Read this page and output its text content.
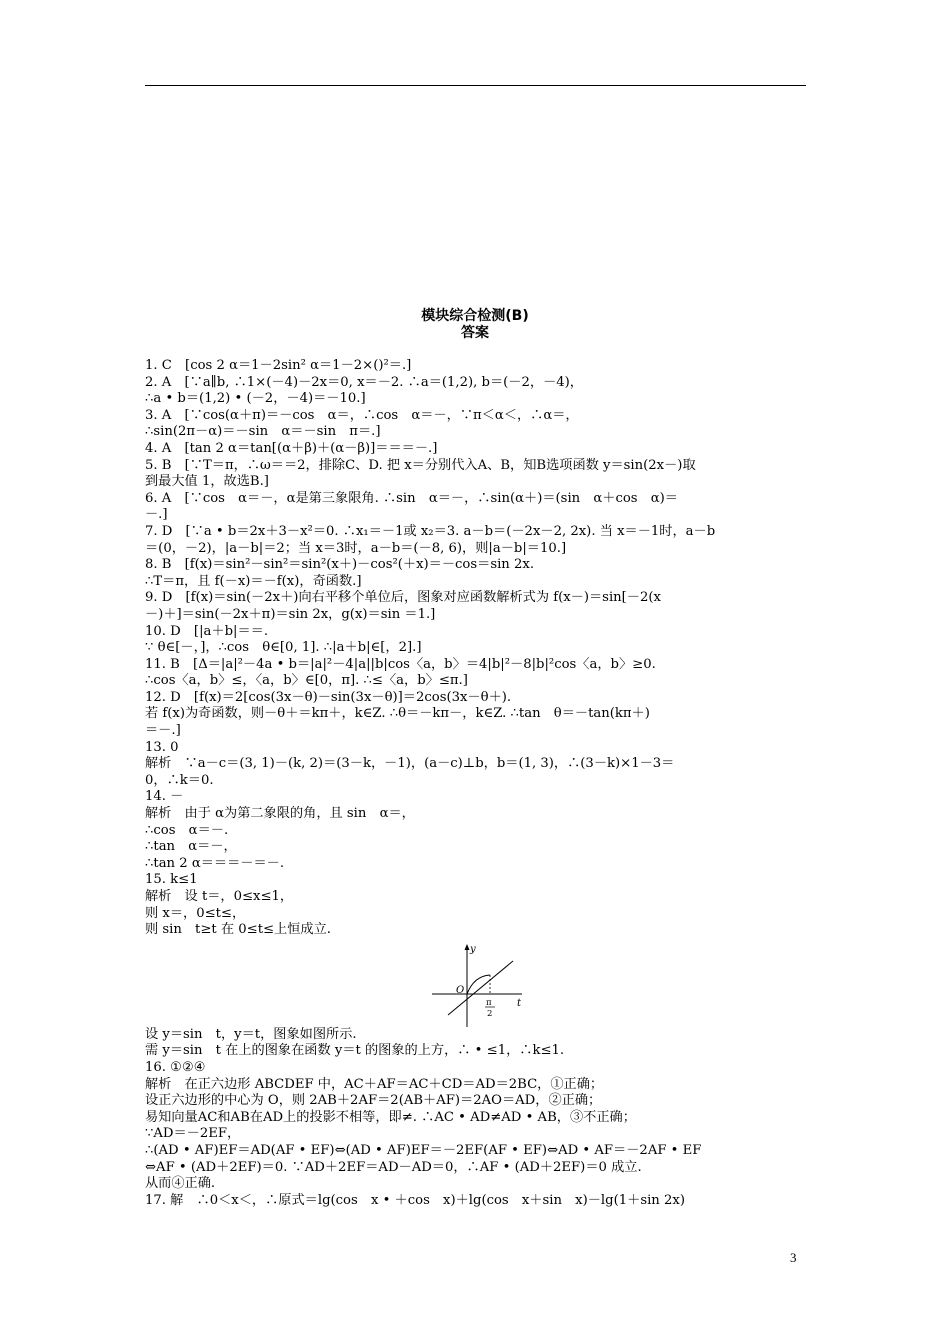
模块综合检测(B)
答案
1. C　[cos 2 α＝1－2sin² α＝1－2×()²＝.]
2. A　[∵a∥b, ∴1×(－4)－2x＝0, x＝－2. ∴a＝(1,2), b＝(－2，－4)，
∴a • b＝(1,2) • (－2，－4)＝－10.]
3. A　[∵cos(α＋π)＝－cos　α＝，∴cos　α＝－，∵π＜α＜，∴α＝，
∴sin(2π－α)＝－sin　α＝－sin　π＝.]
4. A　[tan 2 α＝tan[(α＋β)＋(α－β)]＝＝＝－.]
5. B　[∵T＝π，∴ω＝＝2，排除C、D. 把 x＝分别代入A、B，知B选项函数 y＝sin(2x－)取
到最大值 1，故选B.]
6. A　[∵cos　α＝－，α是第三象限角. ∴sin　α＝－，∴sin(α＋)＝(sin　α＋cos　α)＝
－.]
7. D　[∵a • b＝2x＋3－x²＝0. ∴x₁＝－1或 x₂＝3. a－b＝(－2x－2, 2x). 当 x＝－1时，a－b
＝(0，－2)，|a－b|＝2；当 x＝3时，a－b＝(－8, 6)，则|a－b|＝10.]
8. B　[f(x)＝sin²－sin²＝sin²(x＋)－cos²(＋x)＝－cos＝sin 2x.
∴T＝π，且 f(－x)＝－f(x)，奇函数.]
9. D　[f(x)＝sin(－2x＋)向右平移个单位后，图象对应函数解析式为 f(x－)＝sin[－2(x
－)＋]＝sin(－2x＋π)＝sin 2x，g(x)＝sin ＝1.]
10. D　[|a＋b|＝＝.
∵ θ∈[－，]，∴cos　θ∈[0, 1]. ∴|a＋b|∈[，2].]
11. B　[Δ＝|a|²－4a • b＝|a|²－4|a||b|cos〈a，b〉＝4|b|²－8|b|²cos〈a，b〉≥0.
∴cos〈a，b〉≤，〈a，b〉∈[0，π]. ∴≤〈a，b〉≤π.]
12. D　[f(x)＝2[cos(3x－θ)－sin(3x－θ)]＝2cos(3x－θ＋).
若 f(x)为奇函数，则－θ＋＝kπ＋，k∈Z. ∴θ＝－kπ－，k∈Z. ∴tan　θ＝－tan(kπ＋)
＝－.]
13. 0
解析　∵a－c＝(3, 1)－(k, 2)＝(3－k，－1)，(a－c)⊥b，b＝(1, 3)，∴(3－k)×1－3＝
0，∴k＝0.
14. －
解析　由于 α为第二象限的角，且 sin　α＝，
∴cos　α＝－.
∴tan　α＝－，
∴tan 2 α＝＝＝－＝－.
15. k≤1
解析　设 t＝，0≤x≤1，
则 x＝，0≤t≤，
则 sin　t≥t 在 0≤t≤上恒成立.
y
t
O
π
2
设 y＝sin　t，y＝t，图象如图所示.
需 y＝sin　t 在上的图象在函数 y＝t 的图象的上方，∴ • ≤1，∴k≤1.
16. ①②④
解析　在正六边形 ABCDEF 中，AC＋AF＝AC＋CD＝AD＝2BC，①正确；
设正六边形的中心为 O，则 2AB＋2AF＝2(AB＋AF)＝2AO＝AD，②正确；
易知向量AC和AB在AD上的投影不相等，即≠. ∴AC • AD≠AD • AB，③不正确；
∵AD＝－2EF，
∴(AD • AF)EF＝AD(AF • EF)⇔(AD • AF)EF＝－2EF(AF • EF)⇔AD • AF＝－2AF • EF
⇔AF • (AD＋2EF)＝0. ∵AD＋2EF＝AD－AD＝0，∴AF • (AD＋2EF)＝0 成立.
从而④正确.
17. 解　∴0＜x＜，∴原式＝lg(cos　x • ＋cos　x)＋lg(cos　x＋sin　x)－lg(1＋sin 2x)
3
